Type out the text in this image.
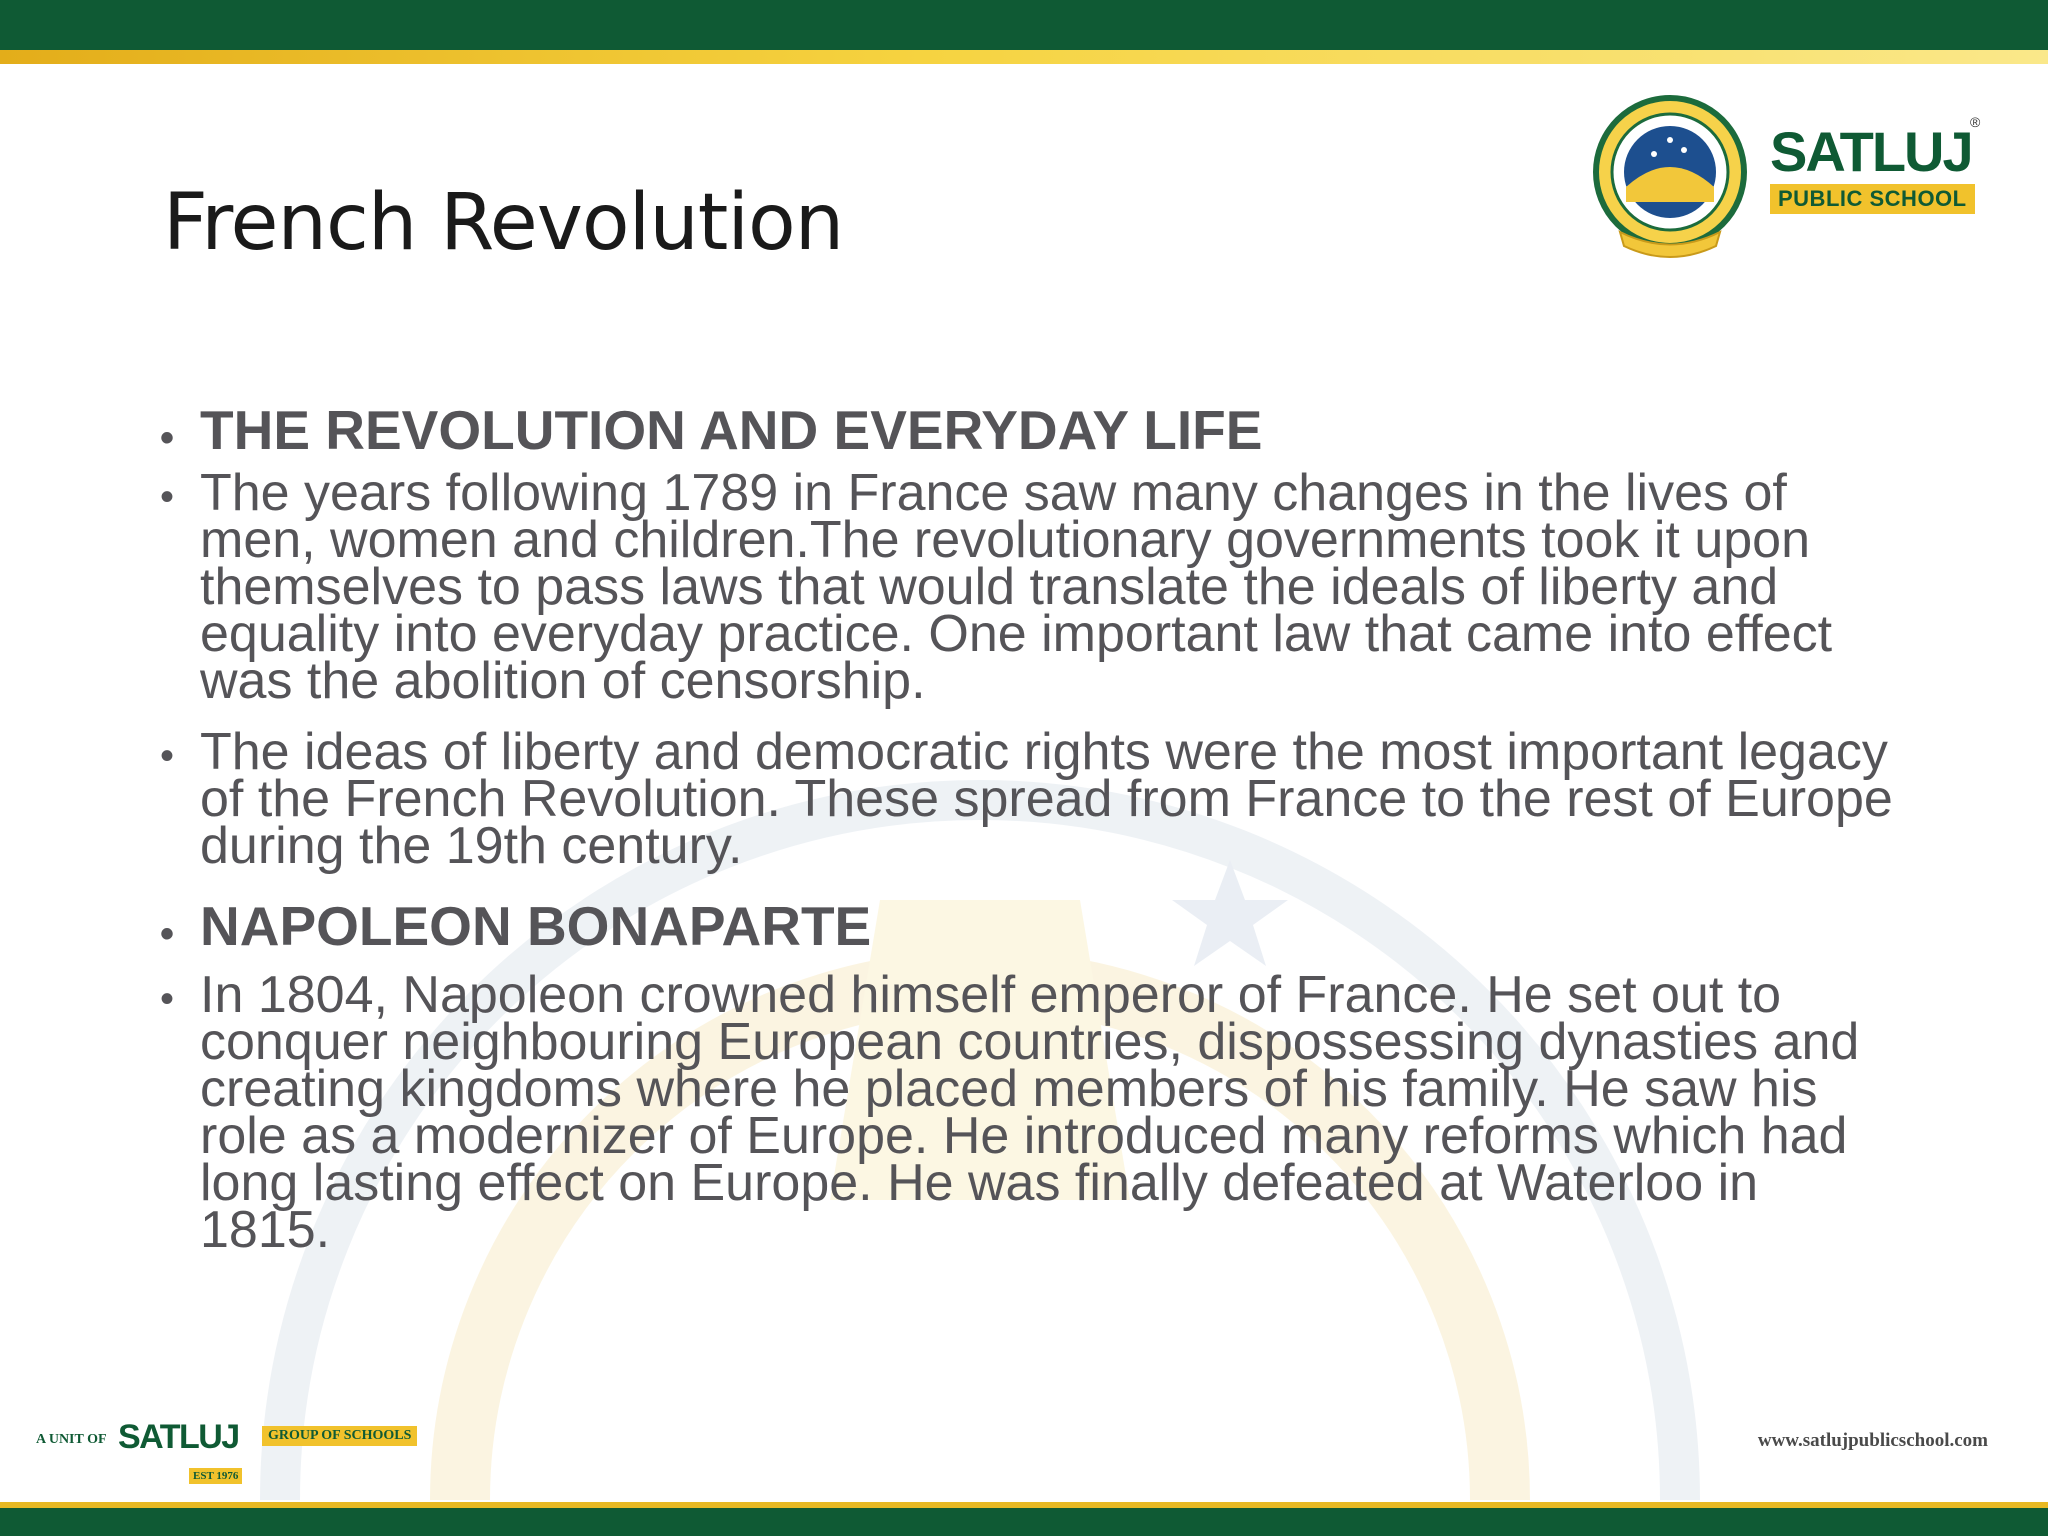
French Revolution
SATLUJ
®
PUBLIC SCHOOL
• THE REVOLUTION AND EVERYDAY LIFE
• The years following 1789 in France saw many changes in the lives of men, women and children.The revolutionary governments took it upon themselves to pass laws that would translate the ideals of liberty and equality into everyday practice. One important law that came into effect was the abolition of censorship.
• The ideas of liberty and democratic rights were the most important legacy of the French Revolution. These spread from France to the rest of Europe during the 19th century.
• NAPOLEON BONAPARTE
• In 1804, Napoleon crowned himself emperor of France. He set out to conquer neighbouring European countries, dispossessing dynasties and creating kingdoms where he placed members of his family. He saw his role as a modernizer of Europe. He introduced many reforms which had long lasting effect on Europe. He was finally defeated at Waterloo in 1815.
A UNIT OF SATLUJ	GROUP OF SCHOOLS
EST 1976
www.satlujpublicschool.com
